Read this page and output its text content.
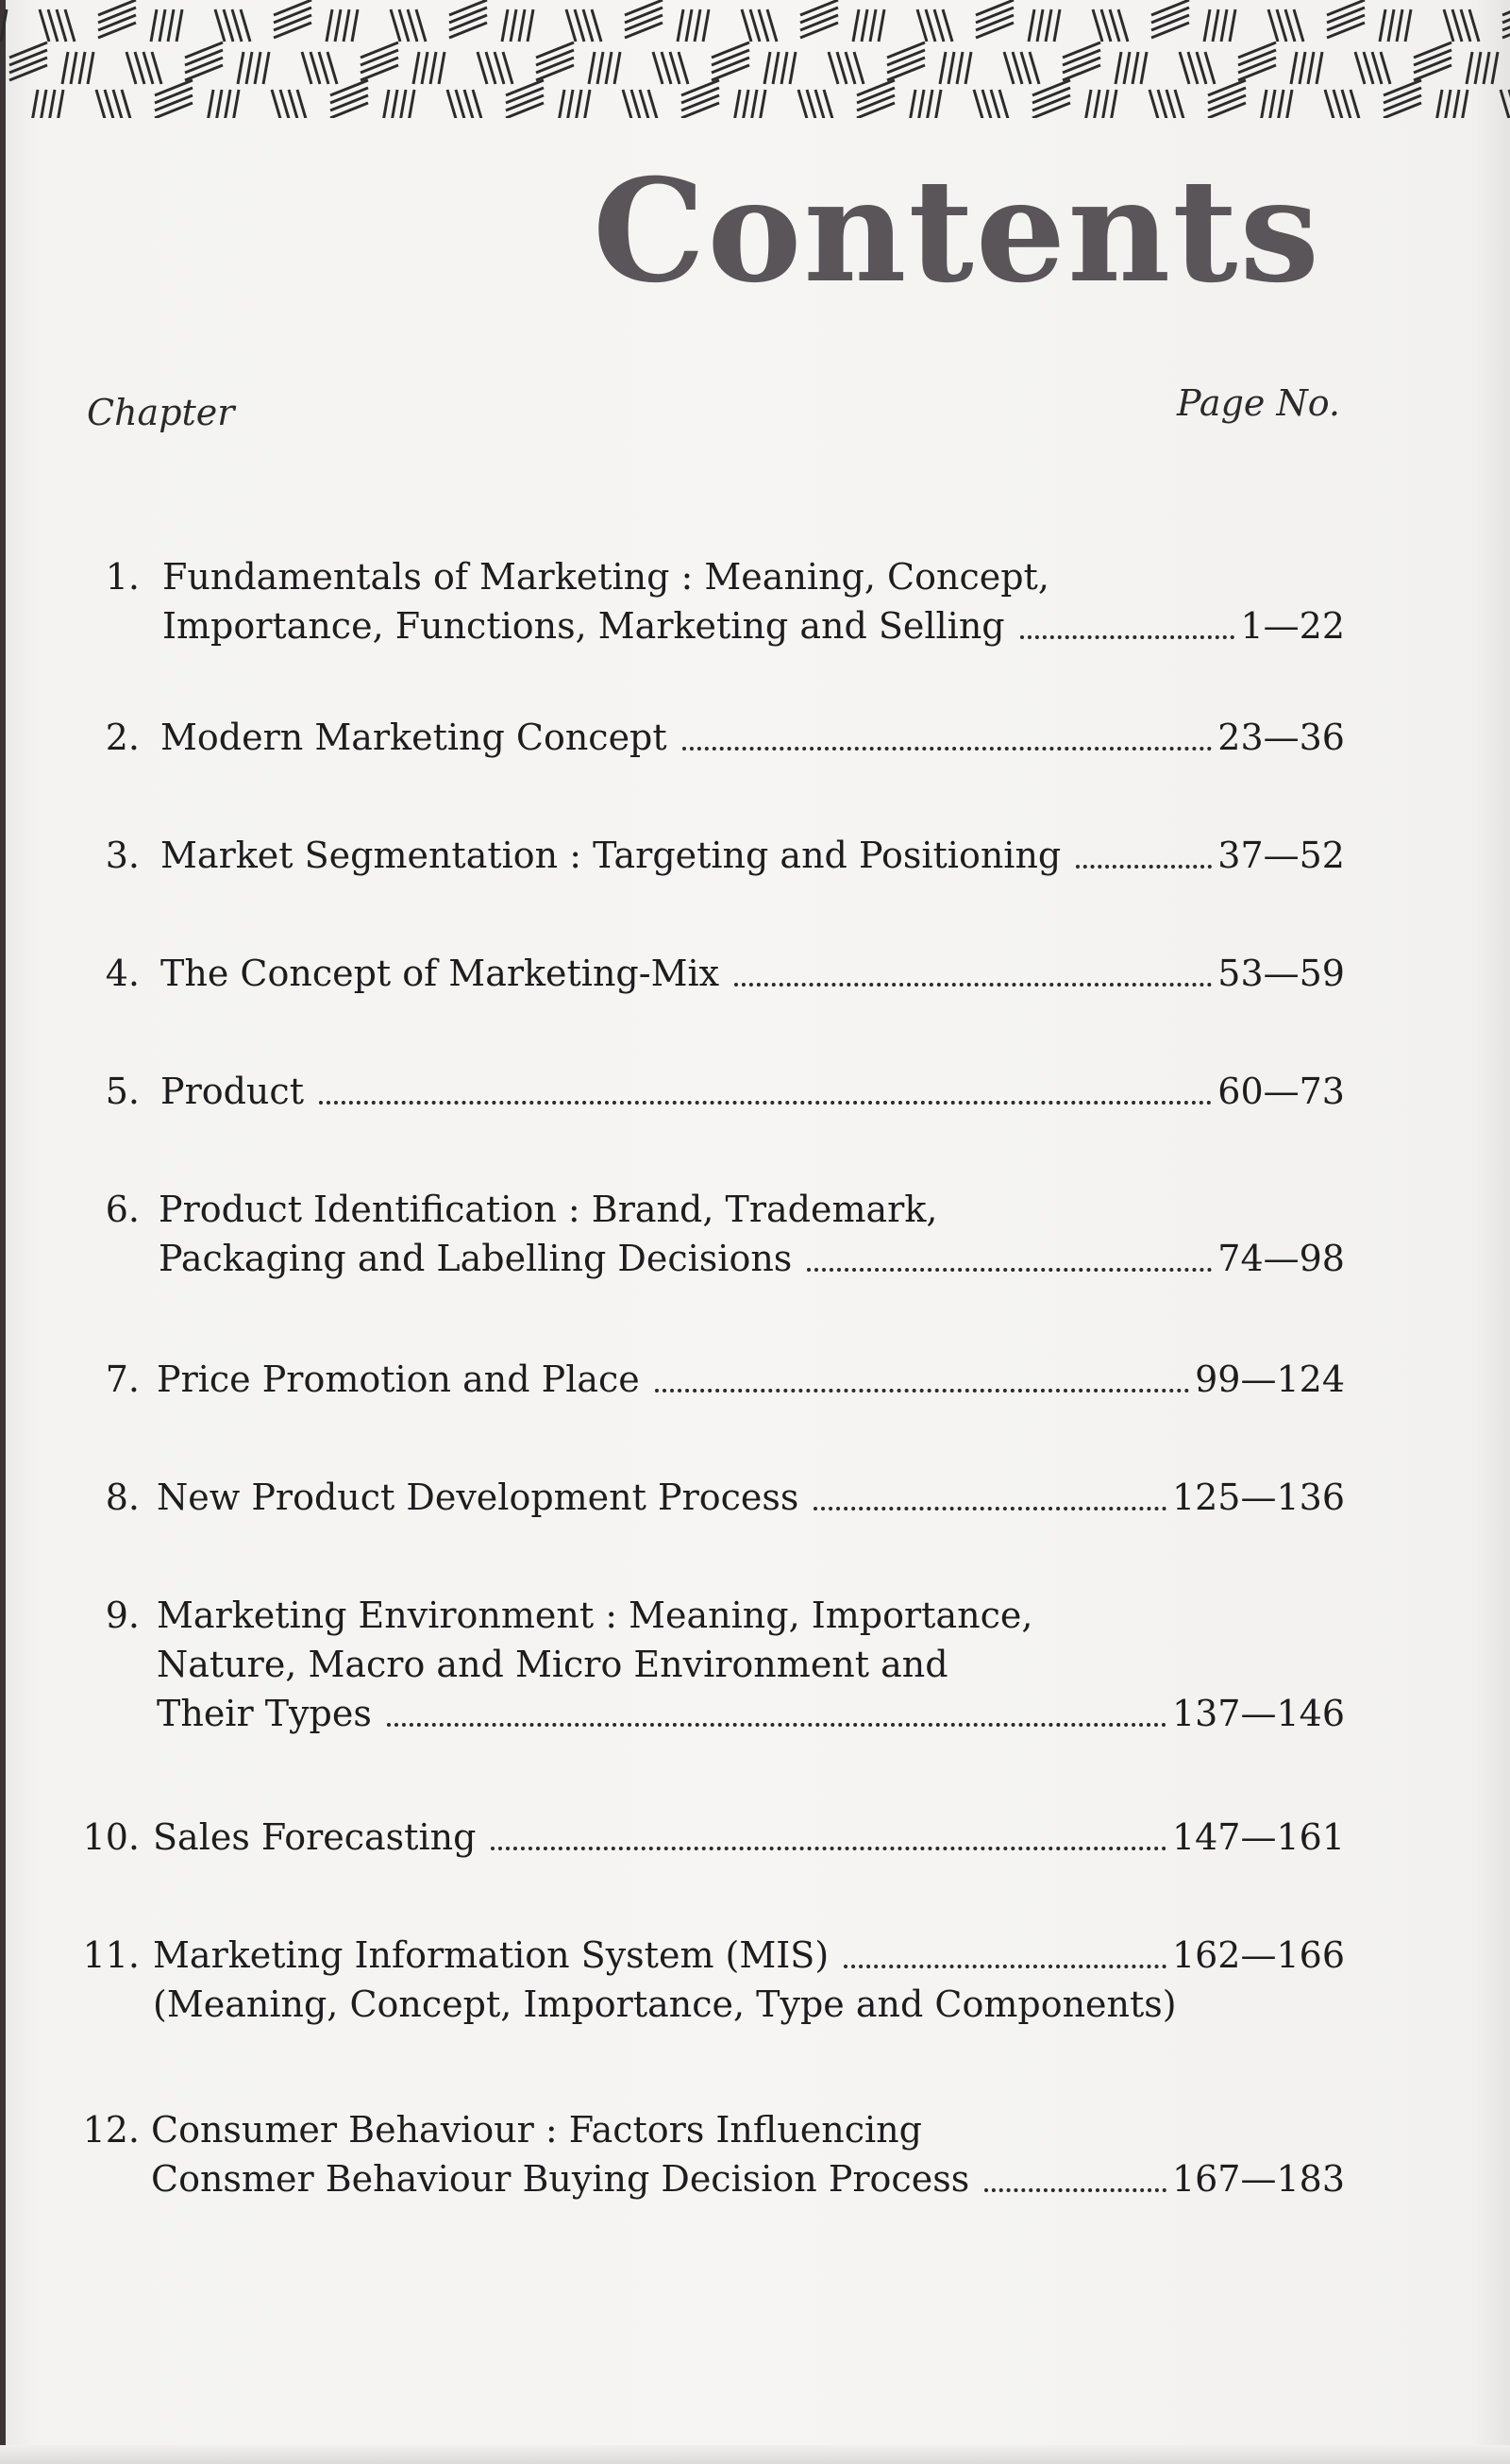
Contents
Chapter	Page No.
1. Fundamentals of Marketing : Meaning, Concept,
Importance, Functions, Marketing and Selling	1—22
2. Modern Marketing Concept	23—36
3. Market Segmentation : Targeting and Positioning	37—52
4. The Concept of Marketing-Mix	53—59
5. Product	60—73
6. Product Identification : Brand, Trademark,
Packaging and Labelling Decisions	74—98
7. Price Promotion and Place	99—124
8. New Product Development Process	125—136
9. Marketing Environment : Meaning, Importance,
Nature, Macro and Micro Environment and
Their Types	137—146
10. Sales Forecasting	147—161
11. Marketing Information System (MIS)	162—166
(Meaning, Concept, Importance, Type and Components)
12. Consumer Behaviour : Factors Influencing
Consmer Behaviour Buying Decision Process	167—183
